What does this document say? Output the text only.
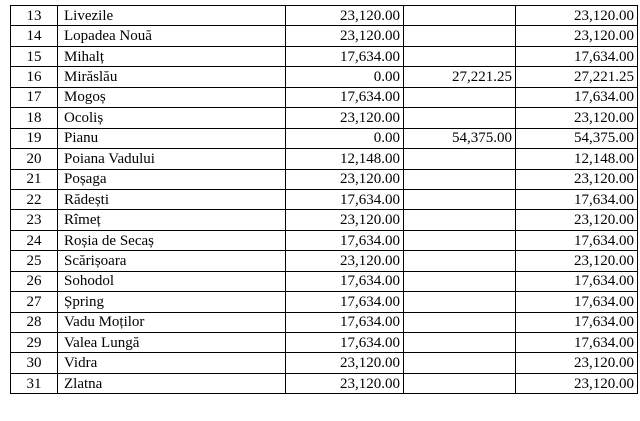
13	Livezile	23,120.00		23,120.00
14	Lopadea Nouă	23,120.00		23,120.00
15	Mihalț	17,634.00		17,634.00
16	Mirăslău	0.00	27,221.25	27,221.25
17	Mogoș	17,634.00		17,634.00
18	Ocoliș	23,120.00		23,120.00
19	Pianu	0.00	54,375.00	54,375.00
20	Poiana Vadului	12,148.00		12,148.00
21	Poșaga	23,120.00		23,120.00
22	Rădești	17,634.00		17,634.00
23	Rîmeț	23,120.00		23,120.00
24	Roșia de Secaș	17,634.00		17,634.00
25	Scărișoara	23,120.00		23,120.00
26	Sohodol	17,634.00		17,634.00
27	Șpring	17,634.00		17,634.00
28	Vadu Moților	17,634.00		17,634.00
29	Valea Lungă	17,634.00		17,634.00
30	Vidra	23,120.00		23,120.00
31	Zlatna	23,120.00		23,120.00
